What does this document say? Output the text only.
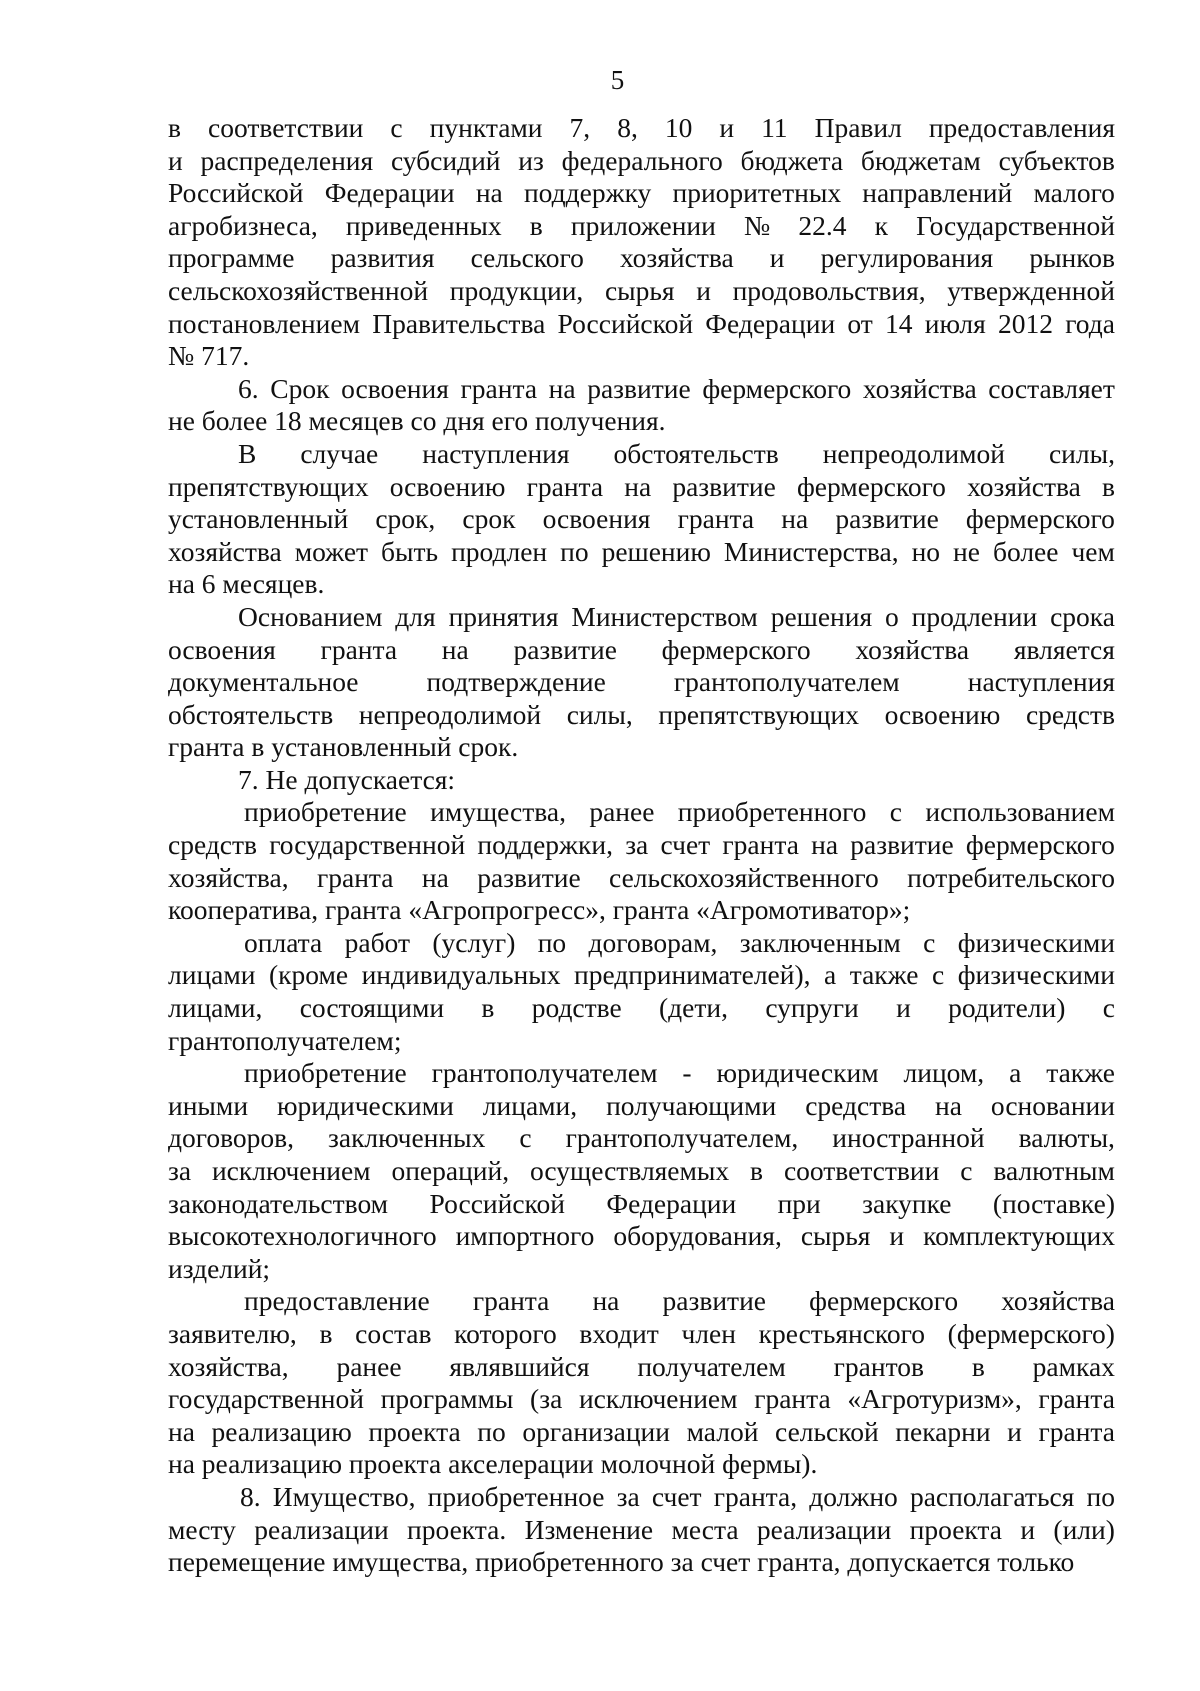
5
в соответствии с пунктами 7, 8, 10 и 11 Правил предоставления
и распределения субсидий из федерального бюджета бюджетам субъектов
Российской Федерации на поддержку приоритетных направлений малого
агробизнеса, приведенных в приложении № 22.4 к Государственной
программе развития сельского хозяйства и регулирования рынков
сельскохозяйственной продукции, сырья и продовольствия, утвержденной
постановлением Правительства Российской Федерации от 14 июля 2012 года
№ 717.
6. Срок освоения гранта на развитие фермерского хозяйства составляет
не более 18 месяцев со дня его получения.
В случае наступления обстоятельств непреодолимой силы,
препятствующих освоению гранта на развитие фермерского хозяйства в
установленный срок, срок освоения гранта на развитие фермерского
хозяйства может быть продлен по решению Министерства, но не более чем
на 6 месяцев.
Основанием для принятия Министерством решения о продлении срока
освоения гранта на развитие фермерского хозяйства является
документальное подтверждение грантополучателем наступления
обстоятельств непреодолимой силы, препятствующих освоению средств
гранта в установленный срок.
7. Не допускается:
приобретение имущества, ранее приобретенного с использованием
средств государственной поддержки, за счет гранта на развитие фермерского
хозяйства, гранта на развитие сельскохозяйственного потребительского
кооператива, гранта «Агропрогресс», гранта «Агромотиватор»;
оплата работ (услуг) по договорам, заключенным с физическими
лицами (кроме индивидуальных предпринимателей), а также с физическими
лицами, состоящими в родстве (дети, супруги и родители) с
грантополучателем;
приобретение грантополучателем - юридическим лицом, а также
иными юридическими лицами, получающими средства на основании
договоров, заключенных с грантополучателем, иностранной валюты,
за исключением операций, осуществляемых в соответствии с валютным
законодательством Российской Федерации при закупке (поставке)
высокотехнологичного импортного оборудования, сырья и комплектующих
изделий;
предоставление гранта на развитие фермерского хозяйства
заявителю, в состав которого входит член крестьянского (фермерского)
хозяйства, ранее являвшийся получателем грантов в рамках
государственной программы (за исключением гранта «Агротуризм», гранта
на реализацию проекта по организации малой сельской пекарни и гранта
на реализацию проекта акселерации молочной фермы).
8. Имущество, приобретенное за счет гранта, должно располагаться по
месту реализации проекта. Изменение места реализации проекта и (или)
перемещение имущества, приобретенного за счет гранта, допускается только
